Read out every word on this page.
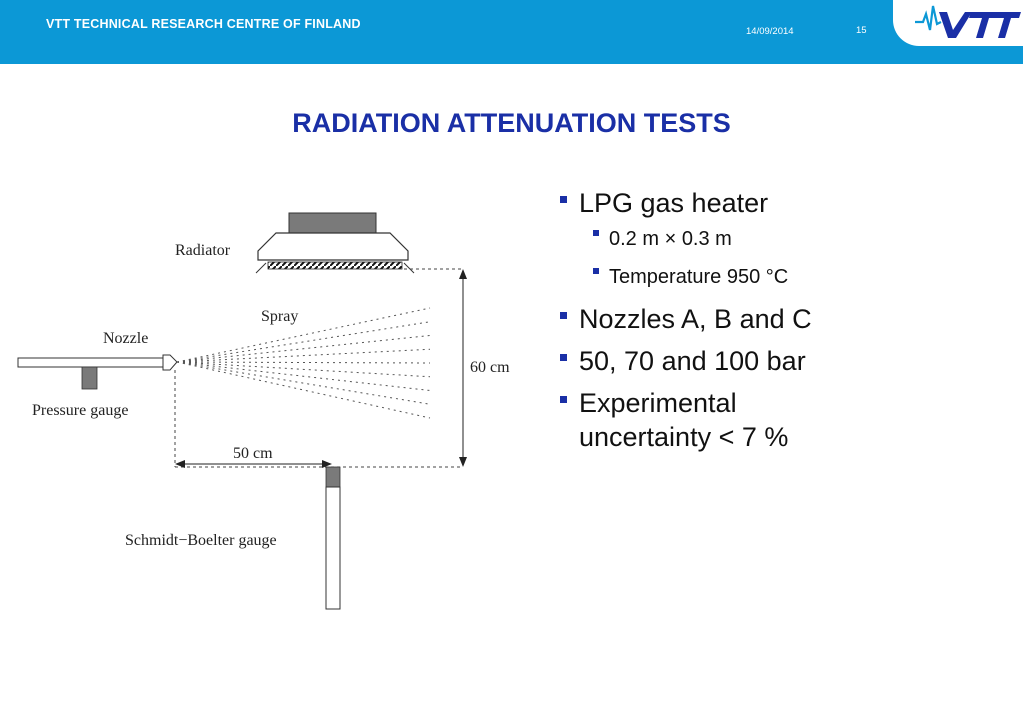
VTT TECHNICAL RESEARCH CENTRE OF FINLAND
14/09/2014	15
RADIATION ATTENUATION TESTS
Radiator
60 cm
50 cm
Nozzle
Pressure gauge
Spray
Schmidt−Boelter gauge
LPG gas heater
0.2 m × 0.3 m
Temperature 950 °C
Nozzles A, B and C
50, 70 and 100 bar
Experimental uncertainty < 7 %
